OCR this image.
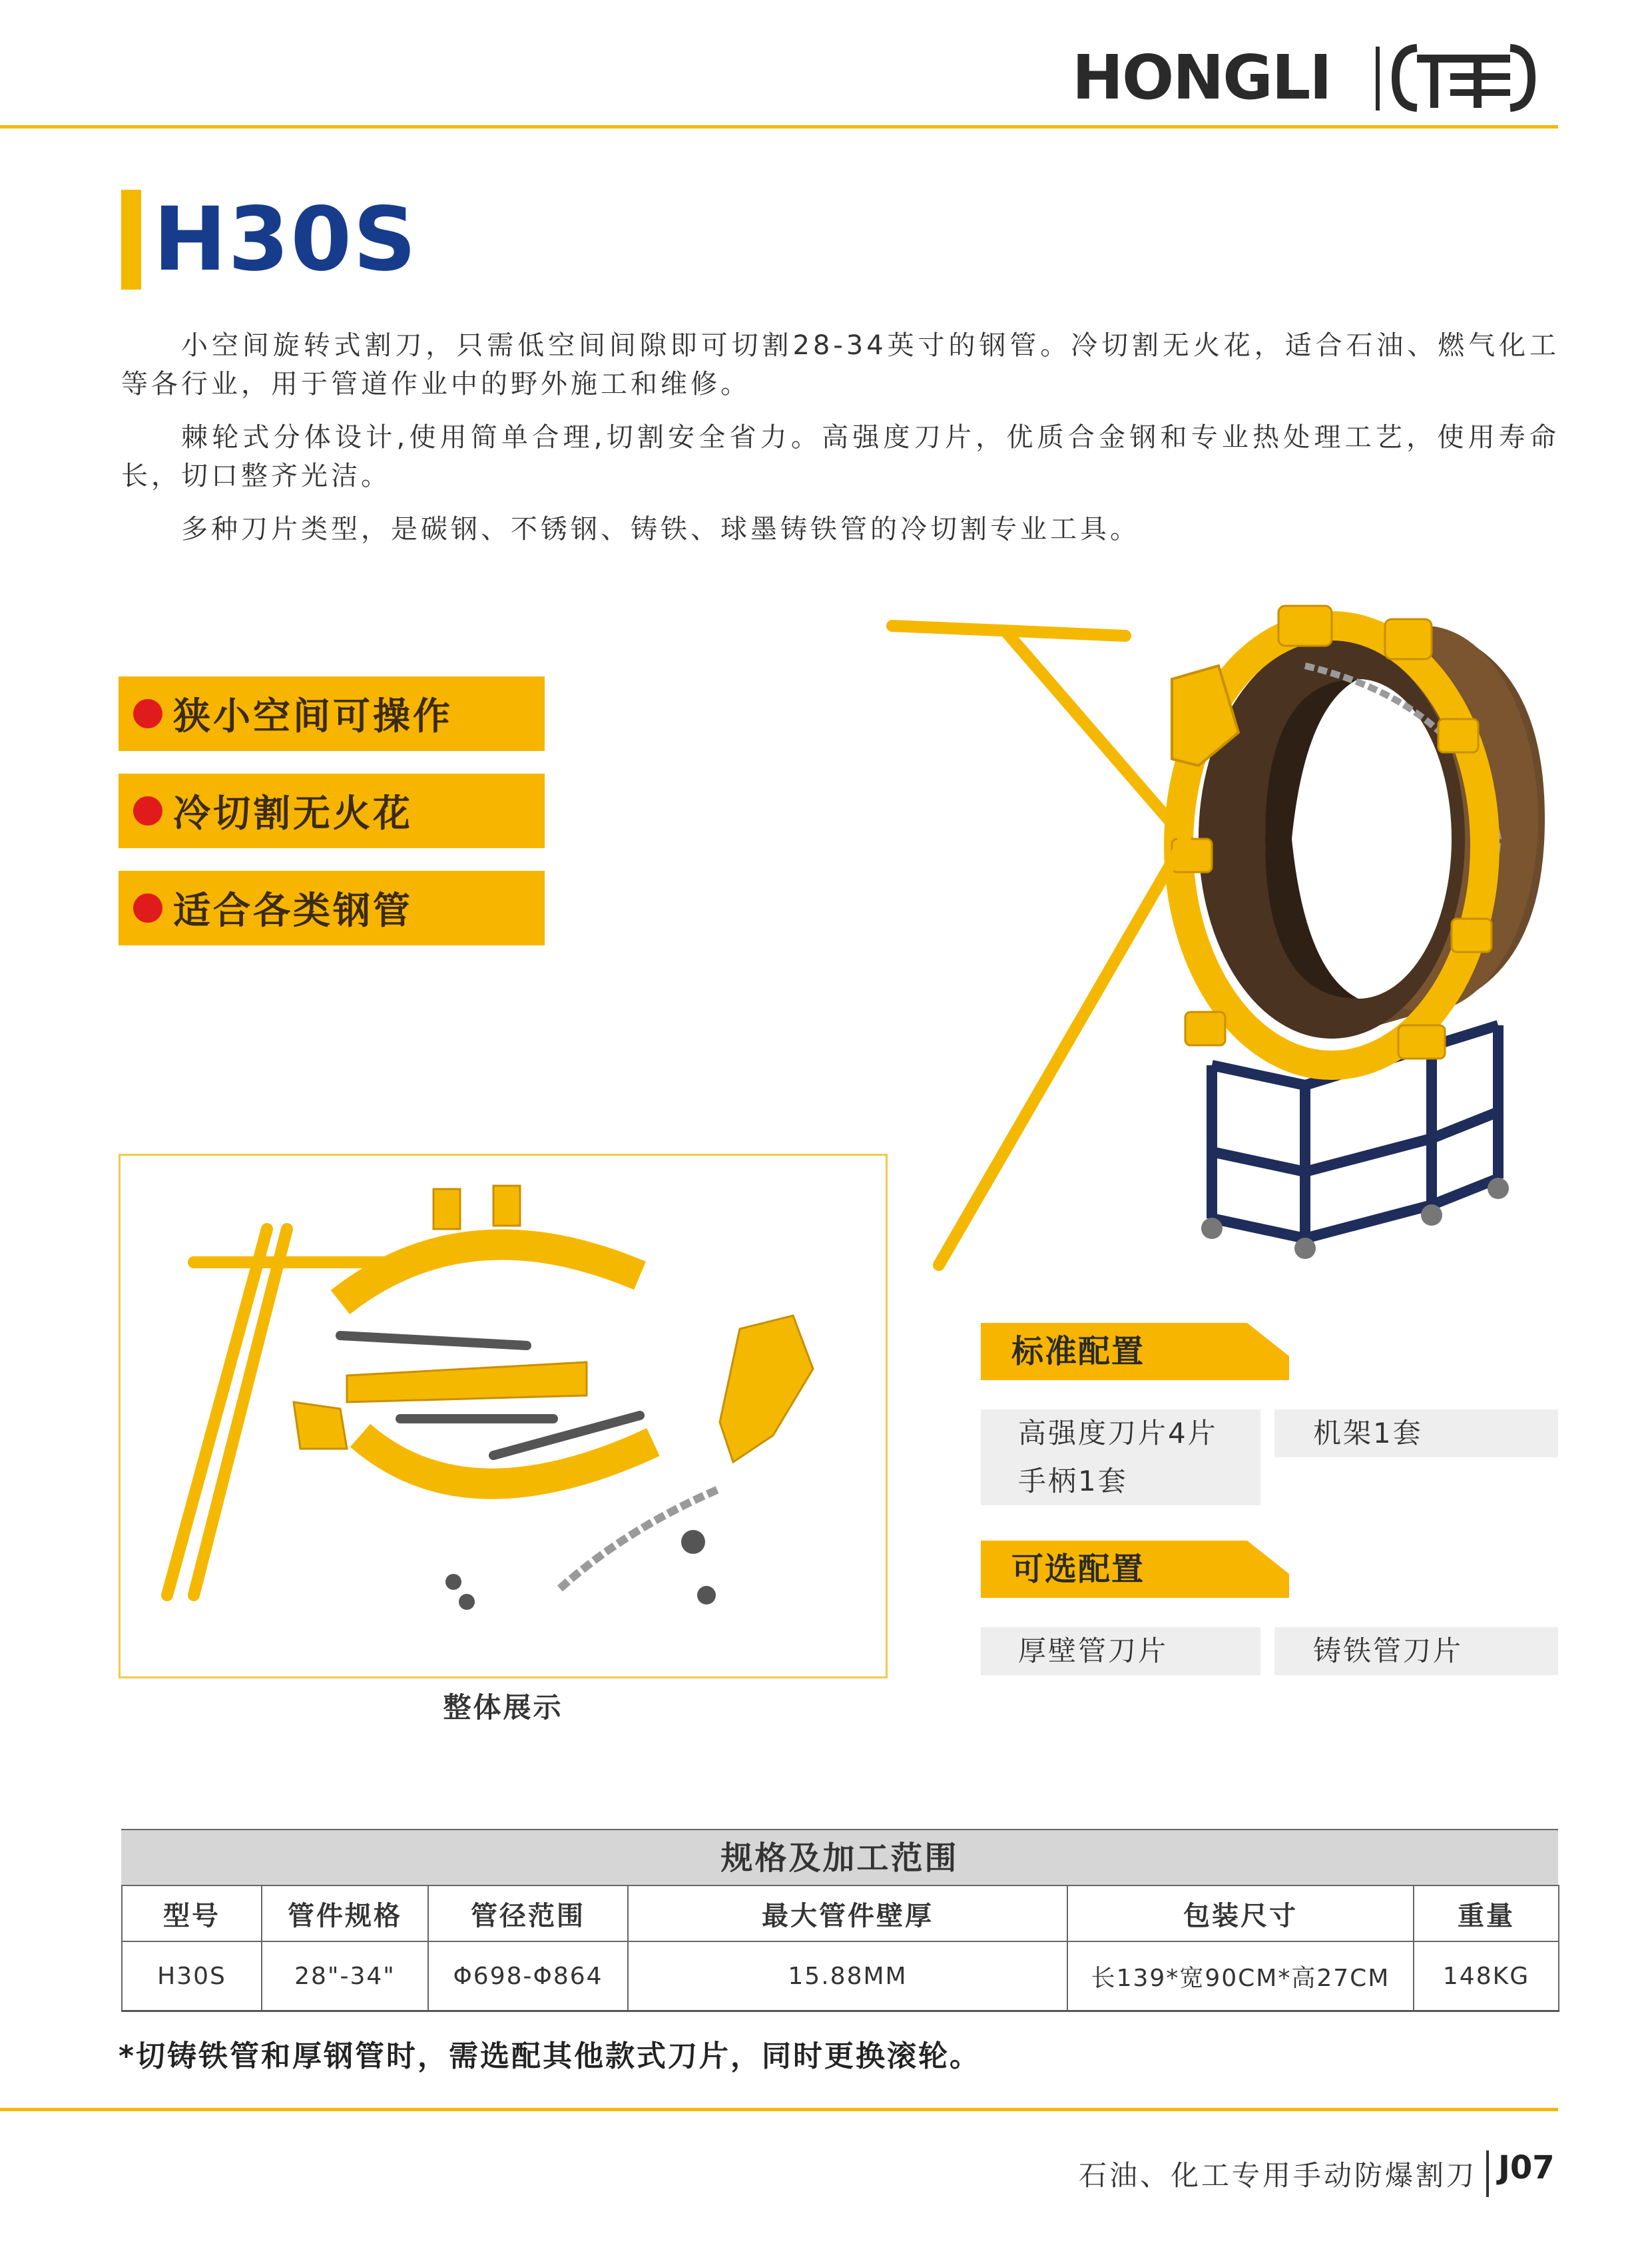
HONGLI
H30S
小空间旋转式割刀，只需低空间间隙即可切割28-34英寸的钢管。冷切割无火花，适合石油、燃气化工等各行业，用于管道作业中的野外施工和维修。
棘轮式分体设计,使用简单合理,切割安全省力。高强度刀片，优质合金钢和专业热处理工艺，使用寿命长，切口整齐光洁。
多种刀片类型，是碳钢、不锈钢、铸铁、球墨铸铁管的冷切割专业工具。
狭小空间可操作
冷切割无火花
适合各类钢管
整体展示
标准配置
高强度刀片4片	机架1套
手柄1套
可选配置
厚壁管刀片	铸铁管刀片
规格及加工范围
型号	管件规格	管径范围	最大管件壁厚	包装尺寸	重量
H30S	28"-34"	Φ698-Φ864	15.88MM	长139*宽90CM*高27CM	148KG
*切铸铁管和厚钢管时，需选配其他款式刀片，同时更换滚轮。
石油、化工专用手动防爆割刀 J07
